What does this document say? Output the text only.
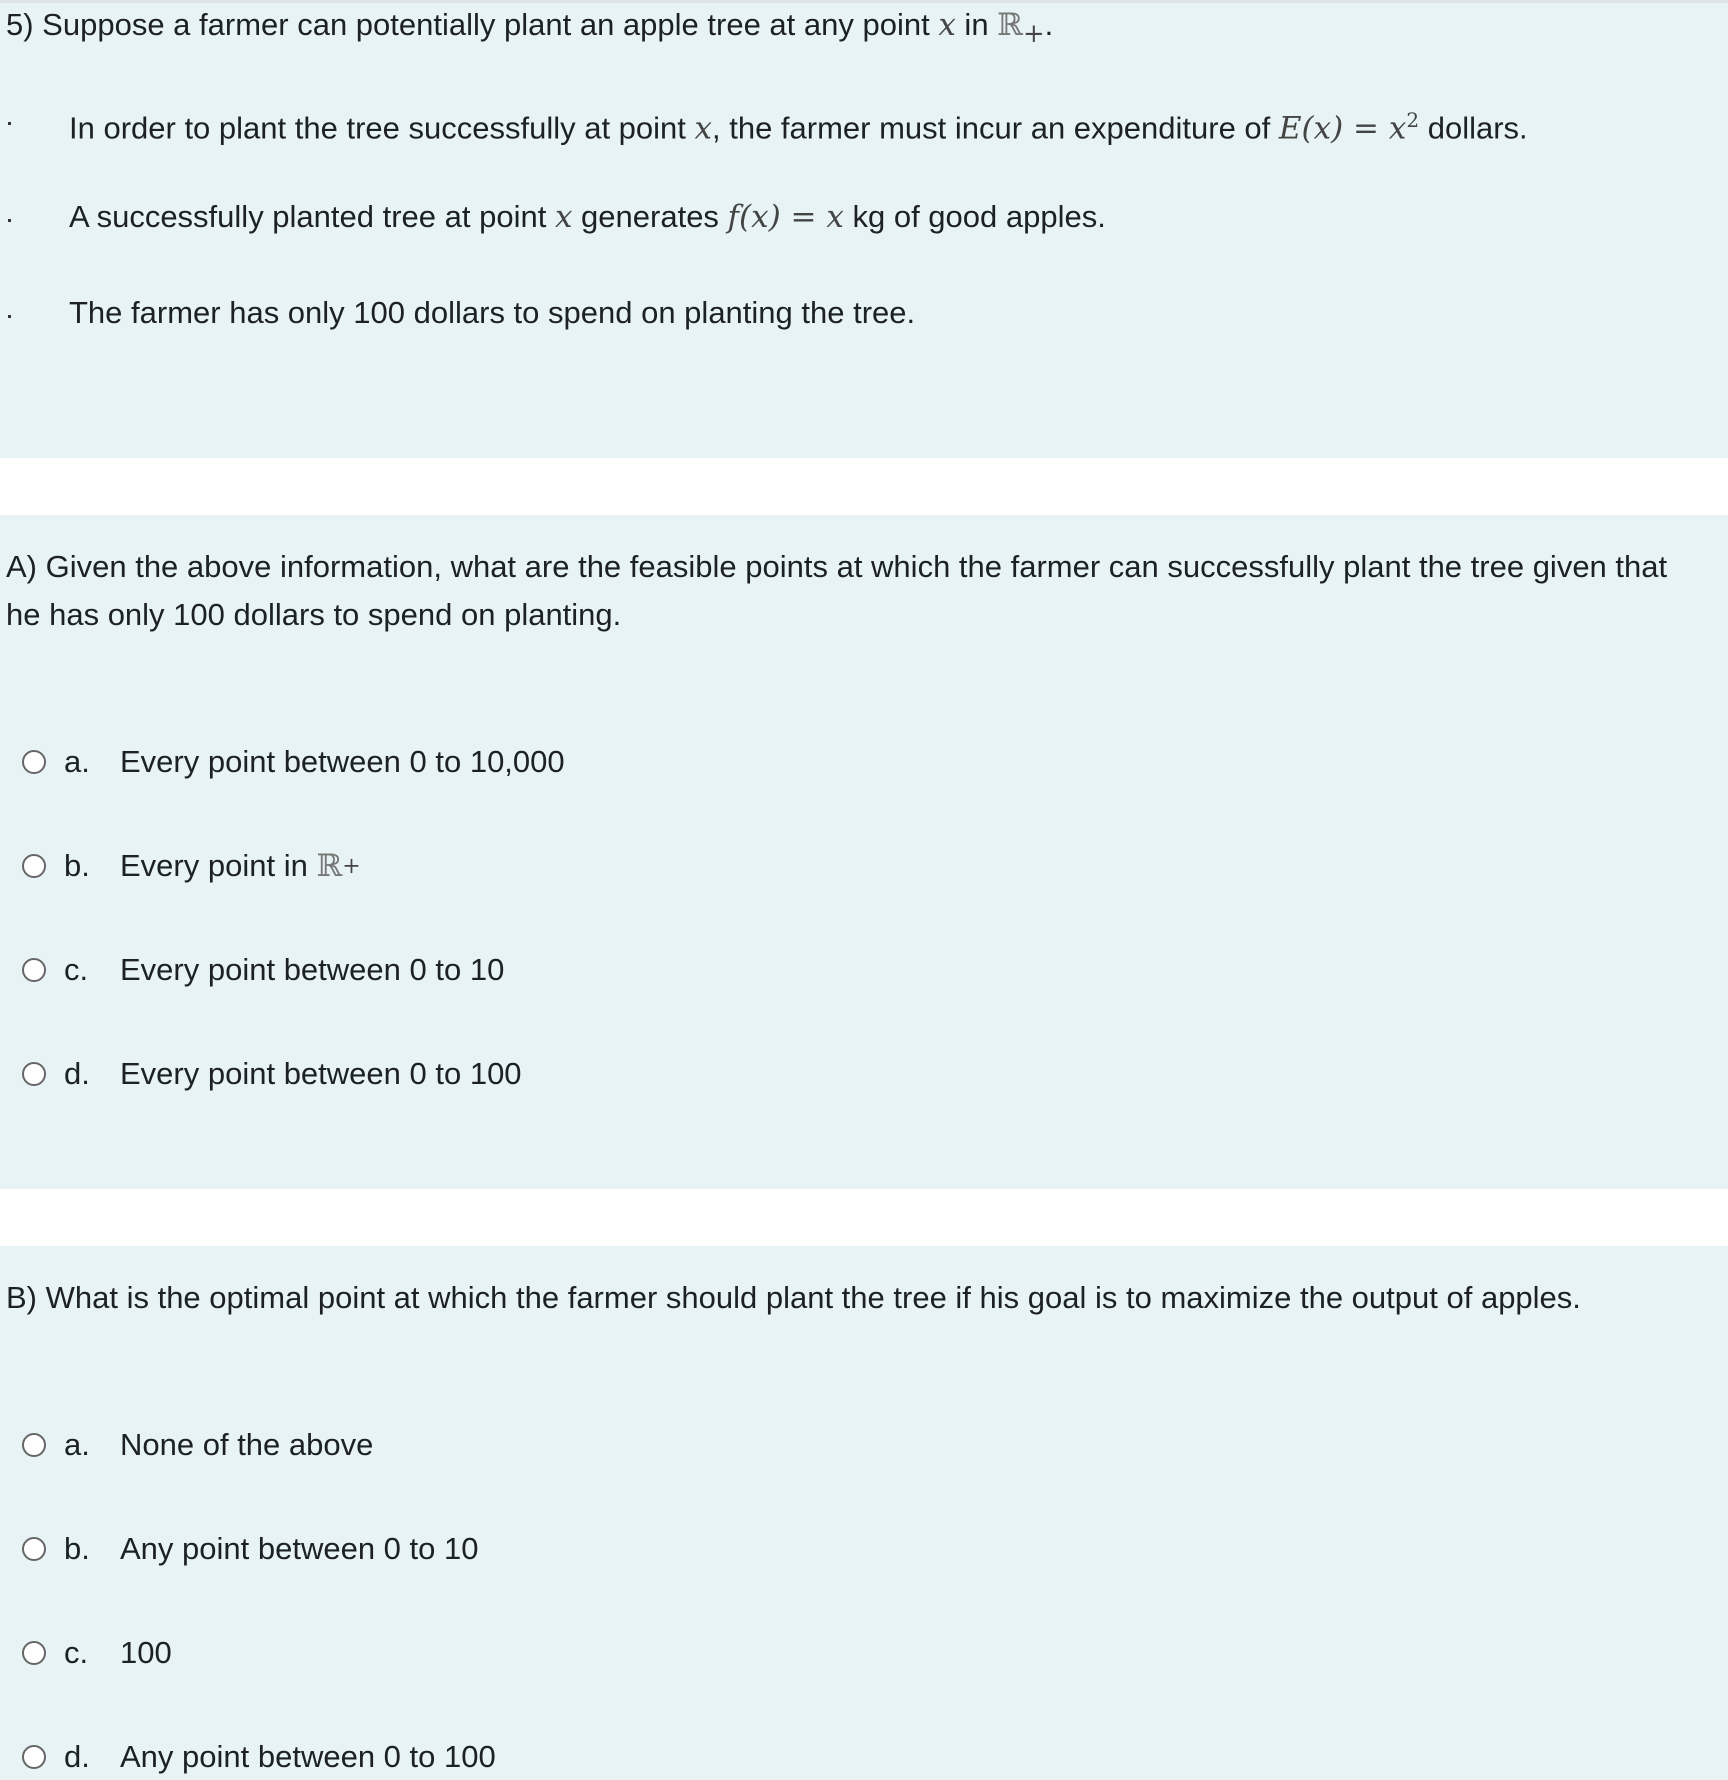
5) Suppose a farmer can potentially plant an apple tree at any point x in ℝ$_+$.
In order to plant the tree successfully at point x, the farmer must incur an expenditure of $E(x) = x^2$ dollars.
A successfully planted tree at point x generates f(x) = x kg of good apples.
The farmer has only 100 dollars to spend on planting the tree.
A) Given the above information, what are the feasible points at which the farmer can successfully plant the tree given that
he has only 100 dollars to spend on planting.
a. Every point between 0 to 10,000
b. Every point in ℝ +
c.	Every point between 0 to 10
d. Every point between 0 to 100
B) What is the optimal point at which the farmer should plant the tree if his goal is to maximize the output of apples.
a. None of the above
b. Any point between 0 to 10
c.	100
d. Any point between 0 to 100
